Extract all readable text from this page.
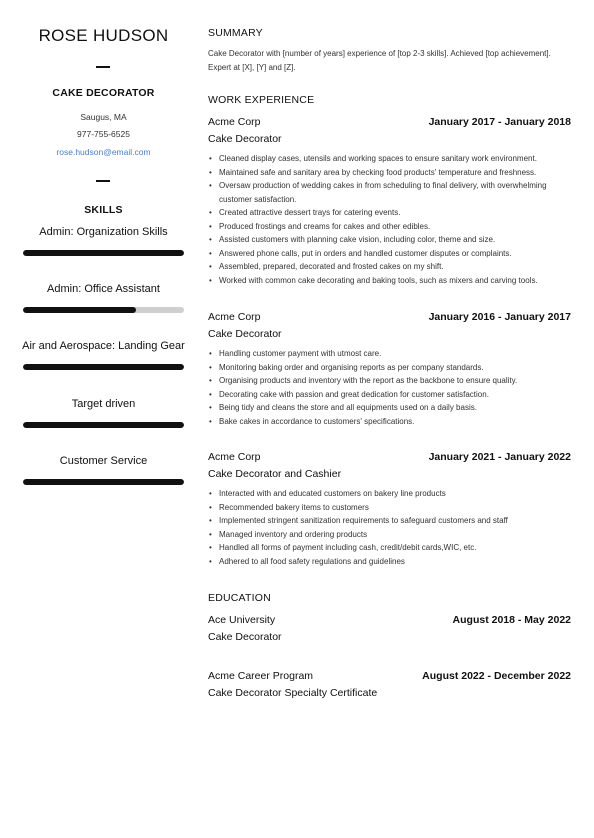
ROSE HUDSON
CAKE DECORATOR
Saugus, MA
977-755-6525
rose.hudson@email.com
SKILLS
Admin: Organization Skills
Admin: Office Assistant
Air and Aerospace: Landing Gear
Target driven
Customer Service
SUMMARY
Cake Decorator with [number of years] experience of [top 2-3 skills]. Achieved [top achievement]. Expert at [X], [Y] and [Z].
WORK EXPERIENCE
Acme Corp	January 2017 - January 2018
Cake Decorator
• Cleaned display cases, utensils and working spaces to ensure sanitary work environment.
• Maintained safe and sanitary area by checking food products' temperature and freshness.
• Oversaw production of wedding cakes in from scheduling to final delivery, with overwhelming customer satisfaction.
• Created attractive dessert trays for catering events.
• Produced frostings and creams for cakes and other edibles.
• Assisted customers with planning cake vision, including color, theme and size.
• Answered phone calls, put in orders and handled customer disputes or complaints.
• Assembled, prepared, decorated and frosted cakes on my shift.
• Worked with common cake decorating and baking tools, such as mixers and carving tools.
Acme Corp	January 2016 - January 2017
Cake Decorator
• Handling customer payment with utmost care.
• Monitoring baking order and organising reports as per company standards.
• Organising products and inventory with the report as the backbone to ensure quality.
• Decorating cake with passion and great dedication for customer satisfaction.
• Being tidy and cleans the store and all equipments used on a daily basis.
• Bake cakes in accordance to customers' specifications.
Acme Corp	January 2021 - January 2022
Cake Decorator and Cashier
• Interacted with and educated customers on bakery line products
• Recommended bakery items to customers
• Implemented stringent sanitization requirements to safeguard customers and staff
• Managed inventory and ordering products
• Handled all forms of payment including cash, credit/debit cards,WIC, etc.
• Adhered to all food safety regulations and guidelines
EDUCATION
Ace University	August 2018 - May 2022
Cake Decorator
Acme Career Program	August 2022 - December 2022
Cake Decorator Specialty Certificate
